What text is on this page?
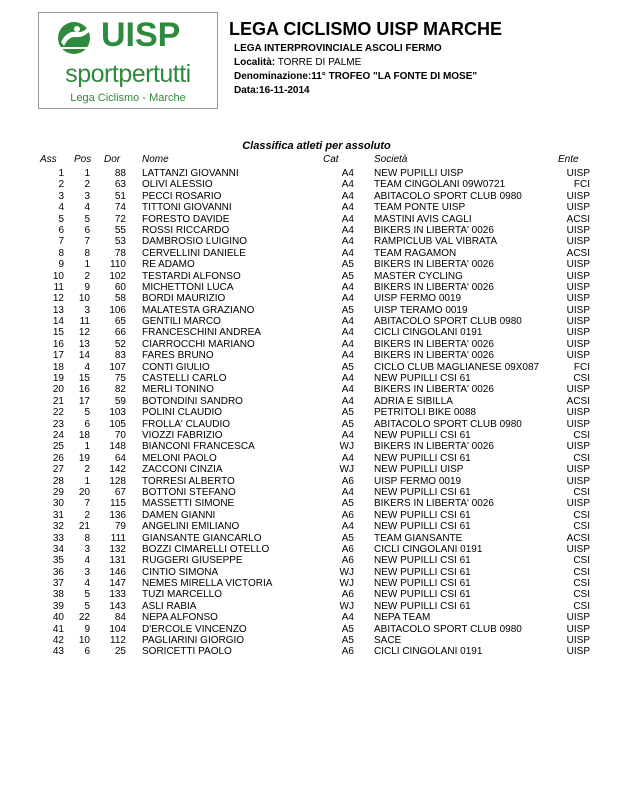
UISP
sportpertutti
Lega Ciclismo - Marche
LEGA CICLISMO UISP MARCHE
LEGA INTERPROVINCIALE ASCOLI FERMO
Località: TORRE DI PALME
Denominazione:11° TROFEO "LA FONTE DI MOSE"
Data:16-11-2014
Classifica atleti per assoluto
Ass Pos Dor Nome	Cat	Società	Ente
1	1	88 LATTANZI GIOVANNI	A4 NEW PUPILLI UISP	UISP
2	2	63 OLIVI ALESSIO	A4 TEAM CINGOLANI 09W0721	FCI
3	3	51 PECCI ROSARIO	A4 ABITACOLO SPORT CLUB 0980	UISP
4	4	74 TITTONI GIOVANNI	A4 TEAM PONTE UISP	UISP
5	5	72 FORESTO DAVIDE	A4 MASTINI AVIS CAGLI	ACSI
6	6	55 ROSSI RICCARDO	A4 BIKERS IN LIBERTA' 0026	UISP
7	7	53 DAMBROSIO LUIGINO	A4 RAMPICLUB VAL VIBRATA	UISP
8	8	78 CERVELLINI DANIELE	A4 TEAM RAGAMON	ACSI
9	1	110 RE ADAMO	A5 BIKERS IN LIBERTA' 0026	UISP
10	2	102 TESTARDI ALFONSO	A5 MASTER CYCLING	UISP
11	9	60 MICHETTONI LUCA	A4 BIKERS IN LIBERTA' 0026	UISP
12	10	58 BORDI MAURIZIO	A4 UISP FERMO 0019	UISP
13	3	106 MALATESTA GRAZIANO	A5 UISP TERAMO 0019	UISP
14	11	65 GENTILI MARCO	A4 ABITACOLO SPORT CLUB 0980	UISP
15	12	66 FRANCESCHINI ANDREA	A4 CICLI CINGOLANI 0191	UISP
16	13	52 CIARROCCHI MARIANO	A4 BIKERS IN LIBERTA' 0026	UISP
17	14	83 FARES BRUNO	A4 BIKERS IN LIBERTA' 0026	UISP
18	4	107 CONTI GIULIO	A5 CICLO CLUB MAGLIANESE 09X087	FCI
19	15	75 CASTELLI CARLO	A4 NEW PUPILLI CSI 61	CSI
20	16	82 MERLI TONINO	A4 BIKERS IN LIBERTA' 0026	UISP
21	17	59 BOTONDINI SANDRO	A4 ADRIA E SIBILLA	ACSI
22	5	103 POLINI CLAUDIO	A5 PETRITOLI BIKE 0088	UISP
23	6	105 FROLLA' CLAUDIO	A5 ABITACOLO SPORT CLUB 0980	UISP
24	18	70 VIOZZI FABRIZIO	A4 NEW PUPILLI CSI 61	CSI
25	1	148 BIANCONI FRANCESCA	WJ BIKERS IN LIBERTA' 0026	UISP
26	19	64 MELONI PAOLO	A4 NEW PUPILLI CSI 61	CSI
27	2	142 ZACCONI CINZIA	WJ NEW PUPILLI UISP	UISP
28	1	128 TORRESI ALBERTO	A6 UISP FERMO 0019	UISP
29	20	67 BOTTONI STEFANO	A4 NEW PUPILLI CSI 61	CSI
30	7	115 MASSETTI SIMONE	A5 BIKERS IN LIBERTA' 0026	UISP
31	2	136 DAMEN GIANNI	A6 NEW PUPILLI CSI 61	CSI
32	21	79 ANGELINI EMILIANO	A4 NEW PUPILLI CSI 61	CSI
33	8	111 GIANSANTE GIANCARLO	A5 TEAM GIANSANTE	ACSI
34	3	132 BOZZI CIMARELLI OTELLO	A6 CICLI CINGOLANI 0191	UISP
35	4	131 RUGGERI GIUSEPPE	A6 NEW PUPILLI CSI 61	CSI
36	3	146 CINTIO SIMONA	WJ NEW PUPILLI CSI 61	CSI
37	4	147 NEMES MIRELLA VICTORIA	WJ NEW PUPILLI CSI 61	CSI
38	5	133 TUZI MARCELLO	A6 NEW PUPILLI CSI 61	CSI
39	5	143 ASLI RABIA	WJ NEW PUPILLI CSI 61	CSI
40	22	84 NEPA ALFONSO	A4 NEPA TEAM	UISP
41	9	104 D'ERCOLE VINCENZO	A5 ABITACOLO SPORT CLUB 0980	UISP
42	10	112 PAGLIARINI GIORGIO	A5 SACE	UISP
43	6	25 SORICETTI PAOLO	A6 CICLI CINGOLANI 0191	UISP
